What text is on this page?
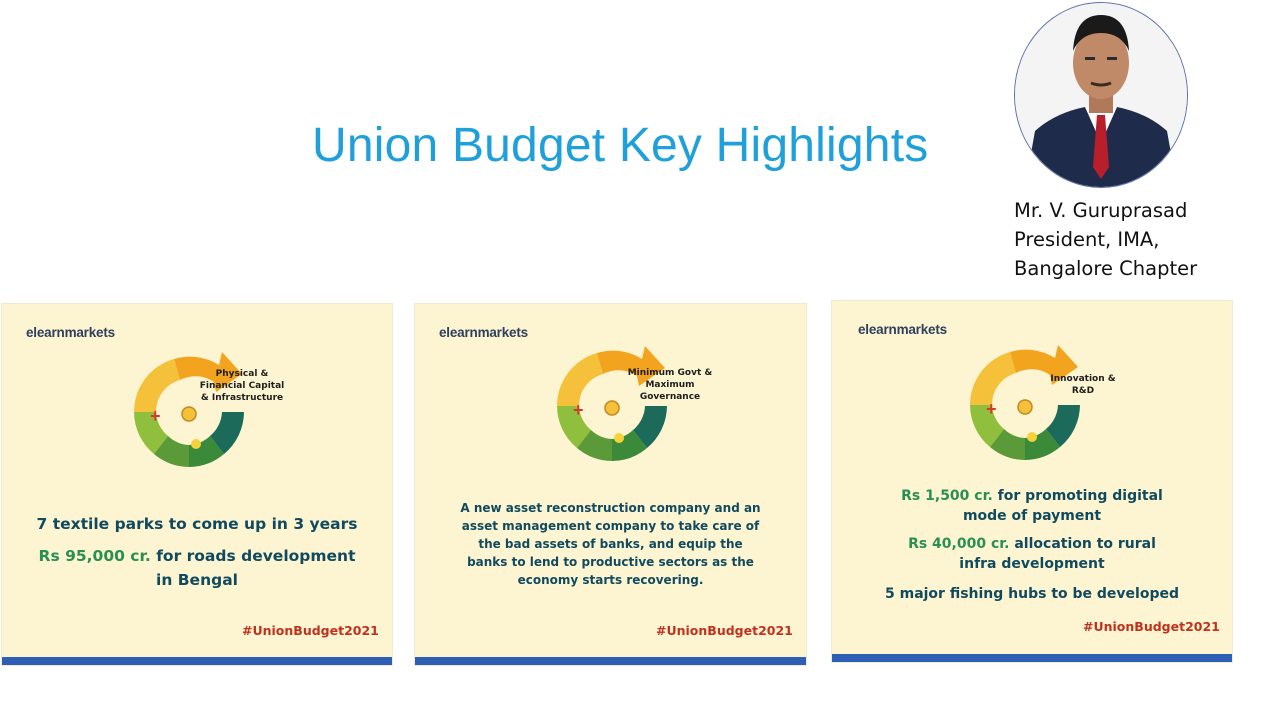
Union Budget Key Highlights
Mr. V. Guruprasad
President, IMA,
Bangalore Chapter
elearnmarkets
+
Physical &
Financial Capital
& Infrastructure
7 textile parks to come up in 3 years
Rs 95,000 cr. for roads development
in Bengal
#UnionBudget2021
elearnmarkets
+
Minimum Govt &
Maximum
Governance
A new asset reconstruction company and an
asset management company to take care of
the bad assets of banks, and equip the
banks to lend to productive sectors as the
economy starts recovering.
#UnionBudget2021
elearnmarkets
+
Innovation &
R&D
Rs 1,500 cr. for promoting digital
mode of payment
Rs 40,000 cr. allocation to rural
infra development
5 major fishing hubs to be developed
#UnionBudget2021
